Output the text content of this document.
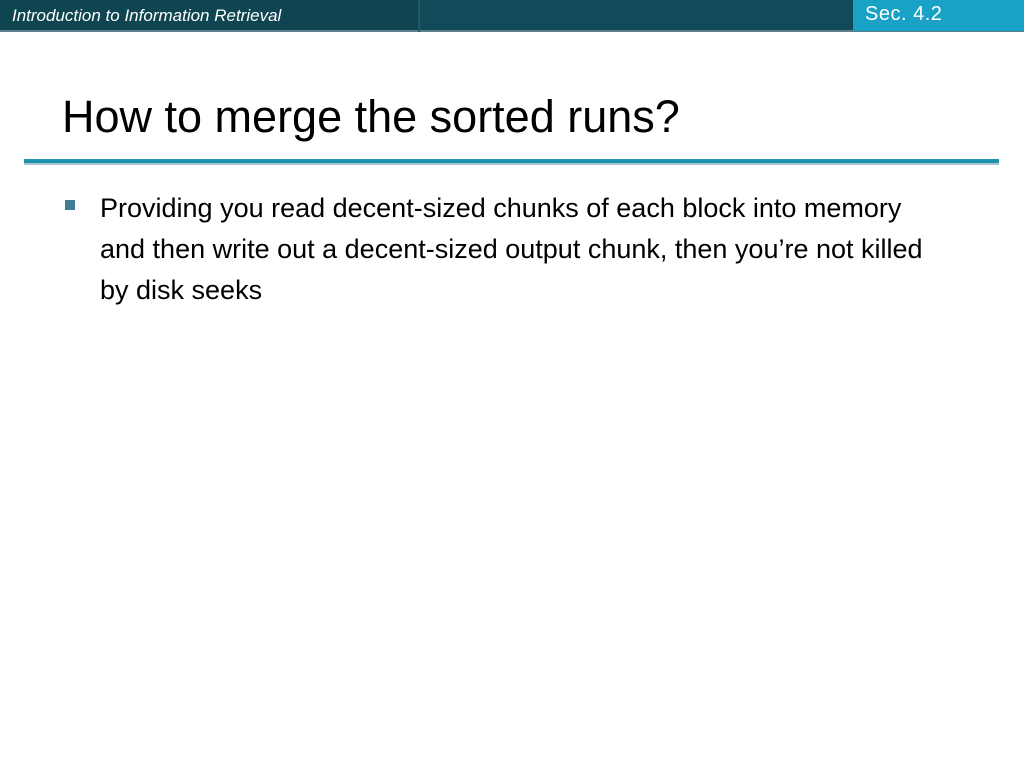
Introduction to Information Retrieval	Sec. 4.2
How to merge the sorted runs?
Providing you read decent-sized chunks of each block into memory and then write out a decent-sized output chunk, then you’re not killed by disk seeks
